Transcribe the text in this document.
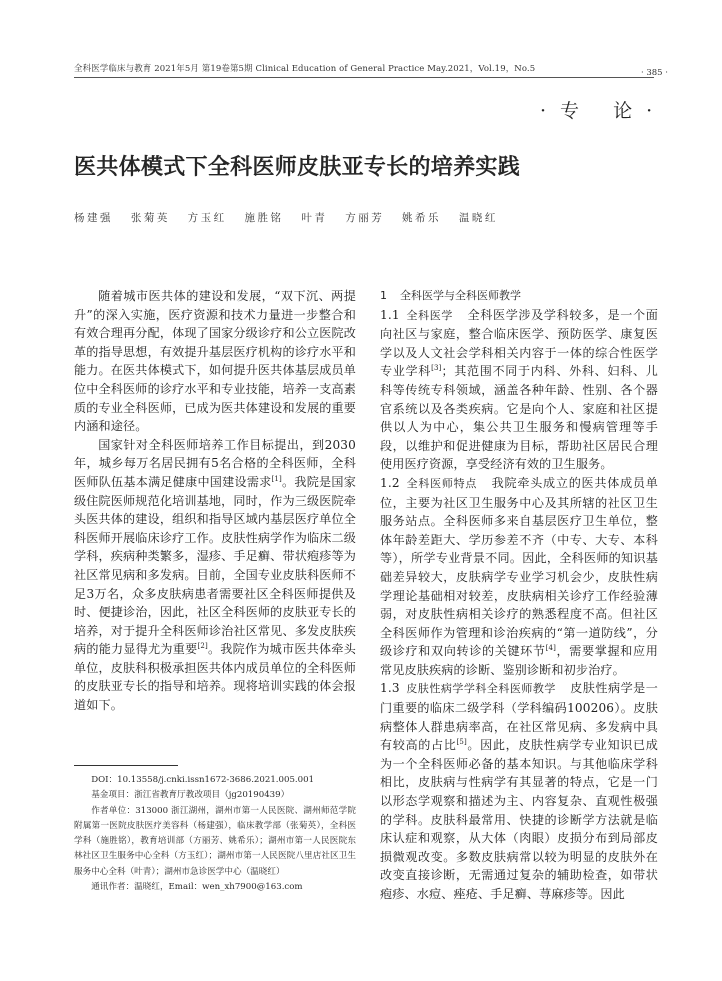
全科医学临床与教育 2021年5月 第19卷第5期 Clinical Education of General Practice May.2021，Vol.19，No.5	· 385 ·
·专 论·
医共体模式下全科医师皮肤亚专长的培养实践
杨建强 张菊英 方玉红 施胜铭 叶青 方丽芳 姚希乐 温晓红

随着城市医共体的建设和发展，“双下沉、两提升”的深入实施，医疗资源和技术力量进一步整合和有效合理再分配，体现了国家分级诊疗和公立医院改革的指导思想，有效提升基层医疗机构的诊疗水平和能力。在医共体模式下，如何提升医共体基层成员单位中全科医师的诊疗水平和专业技能，培养一支高素质的专业全科医师，已成为医共体建设和发展的重要内涵和途径。

国家针对全科医师培养工作目标提出，到2030年，城乡每万名居民拥有5名合格的全科医师，全科医师队伍基本满足健康中国建设需求[1]。我院是国家级住院医师规范化培训基地，同时，作为三级医院牵头医共体的建设，组织和指导区域内基层医疗单位全科医师开展临床诊疗工作。皮肤性病学作为临床二级学科，疾病种类繁多，湿疹、手足癣、带状疱疹等为社区常见病和多发病。目前，全国专业皮肤科医师不足3万名，众多皮肤病患者需要社区全科医师提供及时、便捷诊治，因此，社区全科医师的皮肤亚专长的培养，对于提升全科医师诊治社区常见、多发皮肤疾病的能力显得尤为重要[2]。我院作为城市医共体牵头单位，皮肤科积极承担医共体内成员单位的全科医师的皮肤亚专长的指导和培养。现将培训实践的体会报道如下。

DOI：10.13558/j.cnki.issn1672-3686.2021.005.001

基金项目：浙江省教育厅教改项目（jg20190439）

作者单位：313000 浙江湖州，湖州市第一人民医院、湖州师范学院附属第一医院皮肤医疗美容科（杨建强），临床教学部（张菊英），全科医学科（施胜铭），教育培训部（方丽芳、姚希乐）；湖州市第一人民医院东林社区卫生服务中心全科（方玉红）；湖州市第一人民医院八里店社区卫生服务中心全科（叶青）；湖州市急诊医学中心（温晓红）

通讯作者：温晓红，Email：wen_xh7900@163.com

1 全科医学与全科医师教学

1.1 全科医学 全科医学涉及学科较多，是一个面向社区与家庭，整合临床医学、预防医学、康复医学以及人文社会学科相关内容于一体的综合性医学专业学科[3]；其范围不同于内科、外科、妇科、儿科等传统专科领域，涵盖各种年龄、性别、各个器官系统以及各类疾病。它是向个人、家庭和社区提供以人为中心，集公共卫生服务和慢病管理等手段，以维护和促进健康为目标，帮助社区居民合理使用医疗资源，享受经济有效的卫生服务。

1.2 全科医师特点 我院牵头成立的医共体成员单位，主要为社区卫生服务中心及其所辖的社区卫生服务站点。全科医师多来自基层医疗卫生单位，整体年龄差距大、学历参差不齐（中专、大专、本科等），所学专业背景不同。因此，全科医师的知识基础差异较大，皮肤病学专业学习机会少，皮肤性病学理论基础相对较差，皮肤病相关诊疗工作经验薄弱，对皮肤性病相关诊疗的熟悉程度不高。但社区全科医师作为管理和诊治疾病的“第一道防线”，分级诊疗和双向转诊的关键环节[4]，需要掌握和应用常见皮肤疾病的诊断、鉴别诊断和初步治疗。

1.3 皮肤性病学学科全科医师教学 皮肤性病学是一门重要的临床二级学科（学科编码100206）。皮肤病整体人群患病率高，在社区常见病、多发病中具有较高的占比[5]。因此，皮肤性病学专业知识已成为一个全科医师必备的基本知识。与其他临床学科相比，皮肤病与性病学有其显著的特点，它是一门以形态学观察和描述为主、内容复杂、直观性极强的学科。皮肤科最常用、快捷的诊断学方法就是临床认症和观察，从大体（肉眼）皮损分布到局部皮损微观改变。多数皮肤病常以较为明显的皮肤外在改变直接诊断，无需通过复杂的辅助检查，如带状疱疹、水痘、痤疮、手足癣、荨麻疹等。因此
